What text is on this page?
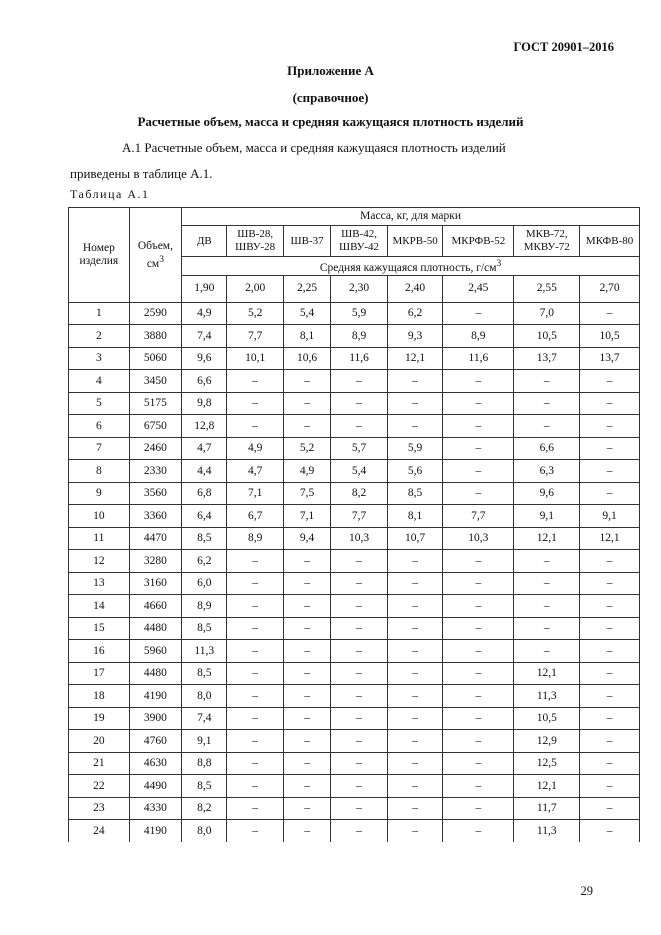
ГОСТ 20901–2016
Приложение А
(справочное)
Расчетные объем, масса и средняя кажущаяся плотность изделий
А.1 Расчетные объем, масса и средняя кажущаяся плотность изделий
приведены в таблице А.1.
Таблица А.1
Номер изделия	Объем, $см^3$	Масса, кг, для марки							
		ДВ	ШВ-28, ШВУ-28	ШВ-37	ШВ-42, ШВУ-42	МКРВ-50	МКРФВ-52	МКВ-72, МКВУ-72	МКФВ-80
		Средняя кажущаяся плотность, $г/см^3$
		1,90	2,00	2,25	2,30	2,40	2,45	2,55	2,70
1	2590	4,9	5,2	5,4	5,9	6,2	–	7,0	–
2	3880	7,4	7,7	8,1	8,9	9,3	8,9	10,5	10,5
3	5060	9,6	10,1	10,6	11,6	12,1	11,6	13,7	13,7
4	3450	6,6	–	–	–	–	–	–	–
5	5175	9,8	–	–	–	–	–	–	–
6	6750	12,8	–	–	–	–	–	–	–
7	2460	4,7	4,9	5,2	5,7	5,9	–	6,6	–
8	2330	4,4	4,7	4,9	5,4	5,6	–	6,3	–
9	3560	6,8	7,1	7,5	8,2	8,5	–	9,6	–
10	3360	6,4	6,7	7,1	7,7	8,1	7,7	9,1	9,1
11	4470	8,5	8,9	9,4	10,3	10,7	10,3	12,1	12,1
12	3280	6,2	–	–	–	–	–	–	–
13	3160	6,0	–	–	–	–	–	–	–
14	4660	8,9	–	–	–	–	–	–	–
15	4480	8,5	–	–	–	–	–	–	–
16	5960	11,3	–	–	–	–	–	–	–
17	4480	8,5	–	–	–	–	–	12,1	–
18	4190	8,0	–	–	–	–	–	11,3	–
19	3900	7,4	–	–	–	–	–	10,5	–
20	4760	9,1	–	–	–	–	–	12,9	–
21	4630	8,8	–	–	–	–	–	12,5	–
22	4490	8,5	–	–	–	–	–	12,1	–
23	4330	8,2	–	–	–	–	–	11,7	–
24	4190	8,0	–	–	–	–	–	11,3	–
29
